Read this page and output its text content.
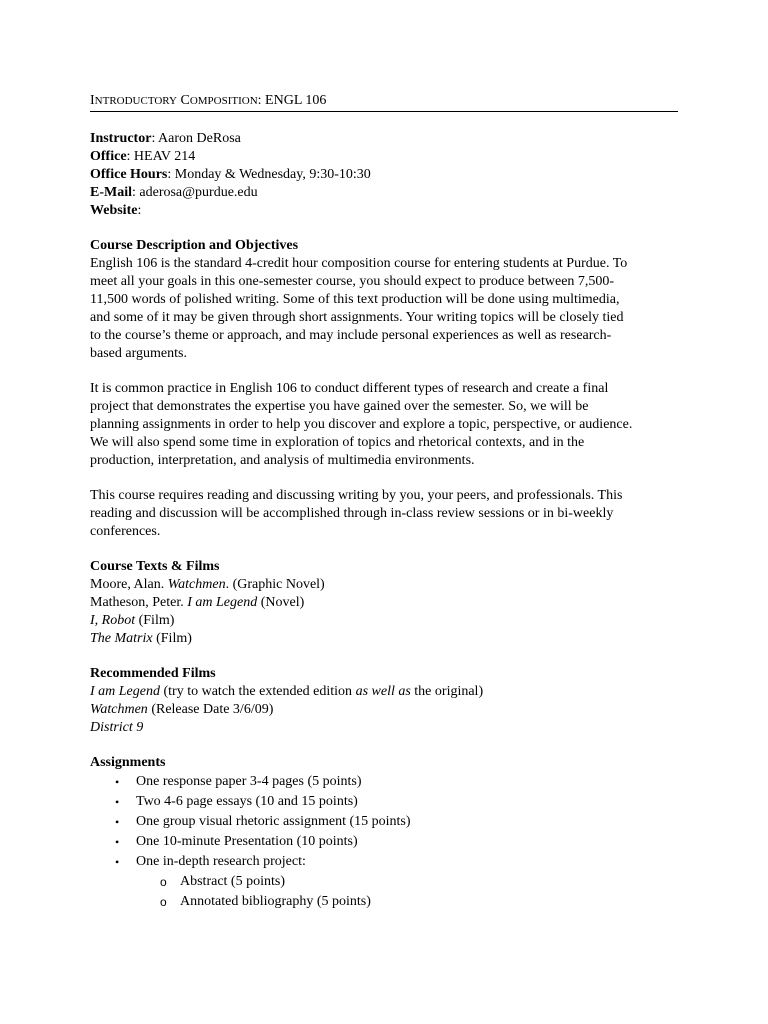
INTRODUCTORY COMPOSITION: ENGL 106
Instructor: Aaron DeRosa
Office: HEAV 214
Office Hours: Monday & Wednesday, 9:30-10:30
E-Mail: aderosa@purdue.edu
Website:
Course Description and Objectives
English 106 is the standard 4-credit hour composition course for entering students at Purdue. To
meet all your goals in this one-semester course, you should expect to produce between 7,500-
11,500 words of polished writing. Some of this text production will be done using multimedia,
and some of it may be given through short assignments. Your writing topics will be closely tied
to the course’s theme or approach, and may include personal experiences as well as research-
based arguments.
It is common practice in English 106 to conduct different types of research and create a final
project that demonstrates the expertise you have gained over the semester. So, we will be
planning assignments in order to help you discover and explore a topic, perspective, or audience.
We will also spend some time in exploration of topics and rhetorical contexts, and in the
production, interpretation, and analysis of multimedia environments.
This course requires reading and discussing writing by you, your peers, and professionals. This
reading and discussion will be accomplished through in-class review sessions or in bi-weekly
conferences.
Course Texts & Films
Moore, Alan. Watchmen. (Graphic Novel)
Matheson, Peter. I am Legend (Novel)
I, Robot (Film)
The Matrix (Film)
Recommended Films
I am Legend (try to watch the extended edition as well as the original)
Watchmen (Release Date 3/6/09)
District 9
Assignments
• One response paper 3-4 pages (5 points)
• Two 4-6 page essays (10 and 15 points)
• One group visual rhetoric assignment (15 points)
• One 10-minute Presentation (10 points)
• One in-depth research project:
o Abstract (5 points)
o Annotated bibliography (5 points)
